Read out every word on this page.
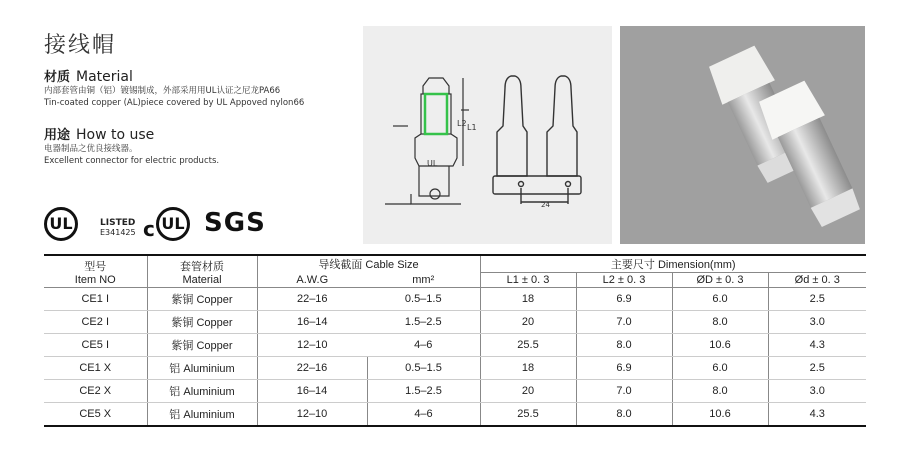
接线帽
材质 Material
内部套管由铜（铝）镀锡制成，外部采用用UL认证之尼龙PA66
Tin-coated copper (AL)piece covered by UL Appoved nylon66
用途 How to use
电器制品之优良接线器。
Excellent connector for electric products.
UL	LISTED
E341425 c UL SGS
UL
L2 L1
24
型号
Item NO	套管材质
Material	导线截面 Cable Size		主要尺寸 Dimension(mm)			
		A.W.G	mm²	L1 ± 0. 3	L2 ± 0. 3	ØD ± 0. 3	Ød ± 0. 3
CE1 I	紫铜 Copper	22–16	0.5–1.5	18	6.9	6.0	2.5
CE2 I	紫铜 Copper	16–14	1.5–2.5	20	7.0	8.0	3.0
CE5 I	紫铜 Copper	12–10	4–6	25.5	8.0	10.6	4.3
CE1 X	铝 Aluminium	22–16	0.5–1.5	18	6.9	6.0	2.5
CE2 X	铝 Aluminium	16–14	1.5–2.5	20	7.0	8.0	3.0
CE5 X	铝 Aluminium	12–10	4–6	25.5	8.0	10.6	4.3
